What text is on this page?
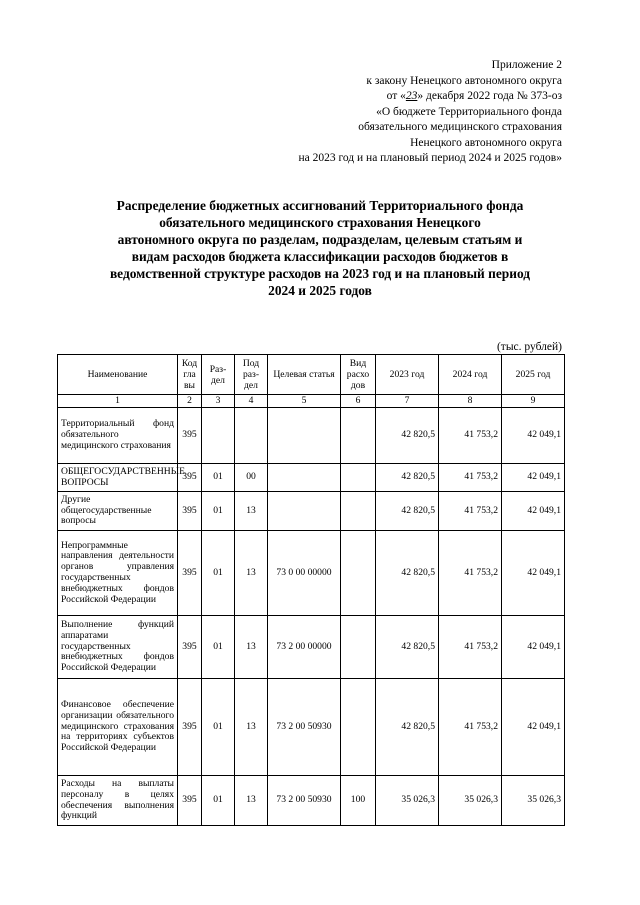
Приложение 2
к закону Ненецкого автономного округа
от «23» декабря 2022 года № 373-оз
«О бюджете Территориального фонда
обязательного медицинского страхования
Ненецкого автономного округа
на 2023 год и на плановый период 2024 и 2025 годов»
Распределение бюджетных ассигнований Территориального фонда
обязательного медицинского страхования Ненецкого
автономного округа по разделам, подразделам, целевым статьям и
видам расходов бюджета классификации расходов бюджетов в
ведомственной структуре расходов на 2023 год и на плановый период
2024 и 2025 годов
(тыс. рублей)
Наименование	Код гла вы	Раз- дел	Под раз- дел	Целевая статья	Вид расхо дов	2023 год	2024 год	2025 год
1	2	3	4	5	6	7	8	9
Территориальный фонд обязательного медицинского страхования	395					42 820,5	41 753,2	42 049,1
ОБЩЕГОСУДАРСТВЕННЫЕ ВОПРОСЫ	395	01	00			42 820,5	41 753,2	42 049,1
Другие общегосударственные вопросы	395	01	13			42 820,5	41 753,2	42 049,1
Непрограммные направления деятельности органов управления государственных внебюджетных фондов Российской Федерации	395	01	13	73 0 00 00000		42 820,5	41 753,2	42 049,1
Выполнение функций аппаратами государственных внебюджетных фондов Российской Федерации	395	01	13	73 2 00 00000		42 820,5	41 753,2	42 049,1
Финансовое обеспечение организации обязательного медицинского страхования на территориях субъектов Российской Федерации	395	01	13	73 2 00 50930		42 820,5	41 753,2	42 049,1
Расходы на выплаты персоналу в целях обеспечения выполнения функций	395	01	13	73 2 00 50930	100	35 026,3	35 026,3	35 026,3
